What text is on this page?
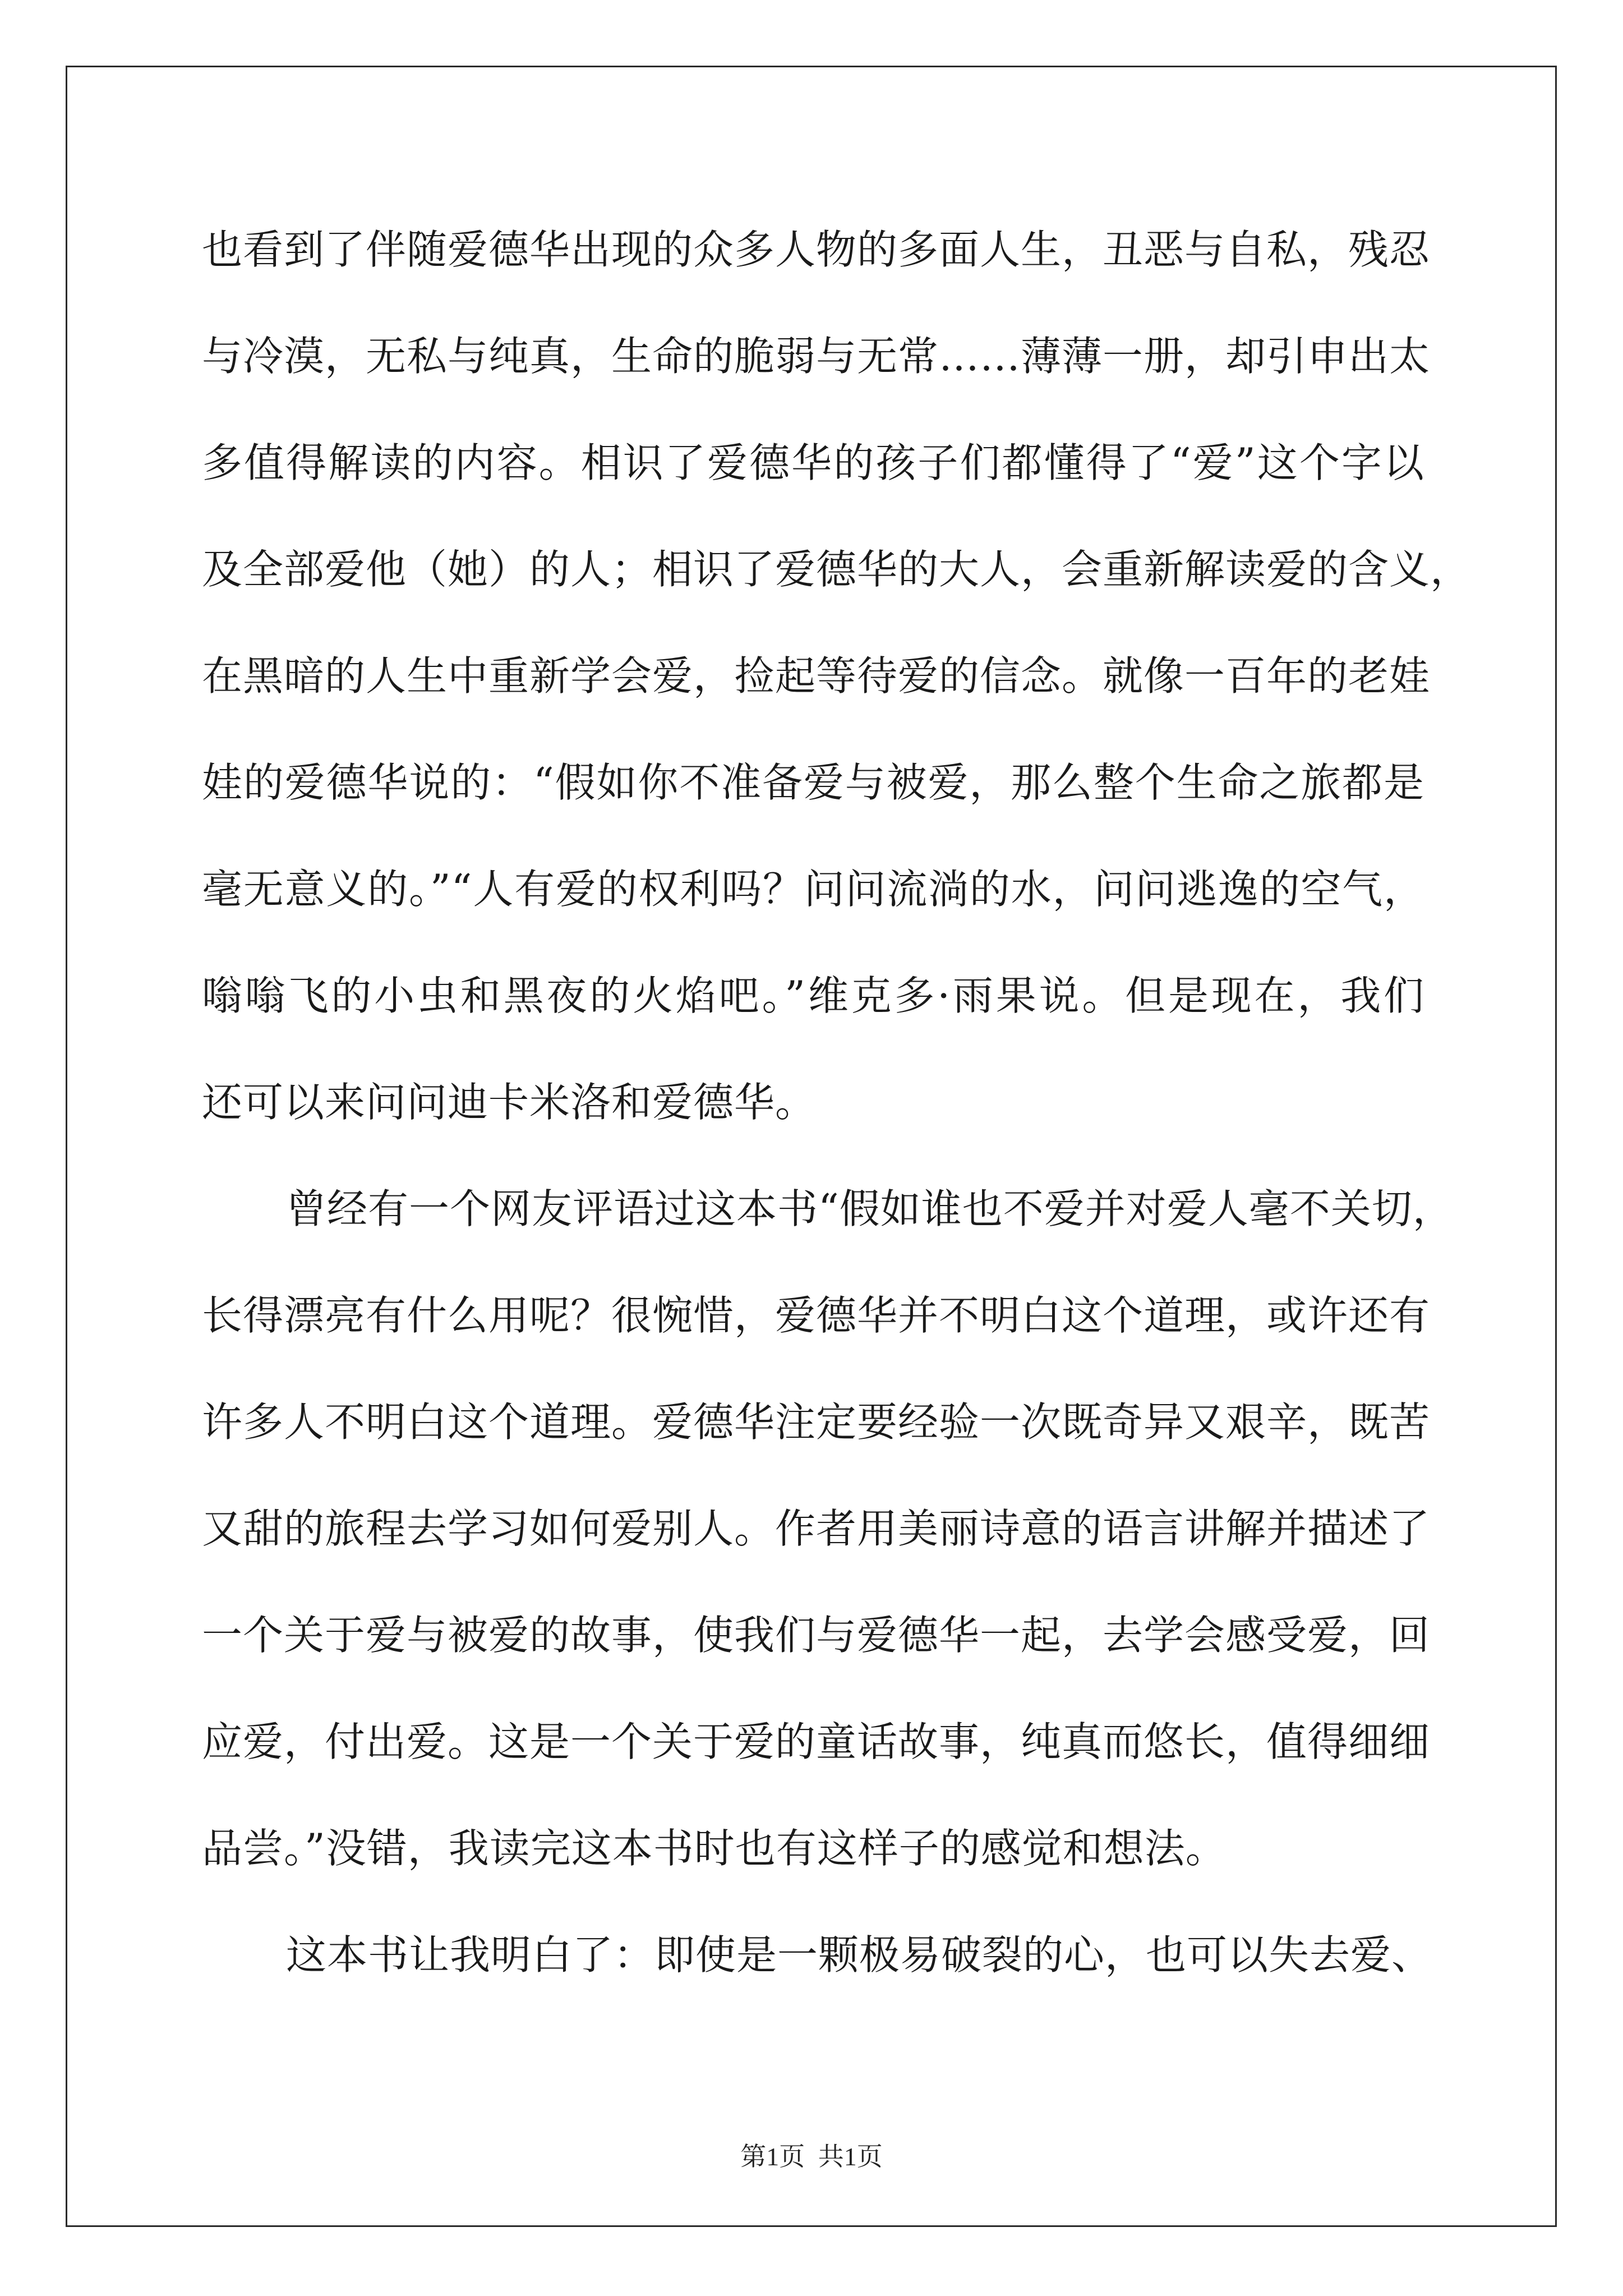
也看到了伴随爱德华出现的众多人物的多面人生，丑恶与自私，残忍
与冷漠，无私与纯真，生命的脆弱与无常……薄薄一册，却引申出太
多值得解读的内容。相识了爱德华的孩子们都懂得了“爱”这个字以
及全部爱他（她）的人；相识了爱德华的大人，会重新解读爱的含义，
在黑暗的人生中重新学会爱，捡起等待爱的信念。就像一百年的老娃
娃的爱德华说的：“假如你不准备爱与被爱，那么整个生命之旅都是
毫无意义的。”“人有爱的权利吗？问问流淌的水，问问逃逸的空气，
嗡嗡飞的小虫和黑夜的火焰吧。”维克多·雨果说。但是现在，我们
还可以来问问迪卡米洛和爱德华。
曾经有一个网友评语过这本书“假如谁也不爱并对爱人毫不关切，
长得漂亮有什么用呢？很惋惜，爱德华并不明白这个道理，或许还有
许多人不明白这个道理。爱德华注定要经验一次既奇异又艰辛，既苦
又甜的旅程去学习如何爱别人。作者用美丽诗意的语言讲解并描述了
一个关于爱与被爱的故事，使我们与爱德华一起，去学会感受爱，回
应爱，付出爱。这是一个关于爱的童话故事，纯真而悠长，值得细细
品尝。”没错，我读完这本书时也有这样子的感觉和想法。
这本书让我明白了：即使是一颗极易破裂的心，也可以失去爱、
第1页 共1页
